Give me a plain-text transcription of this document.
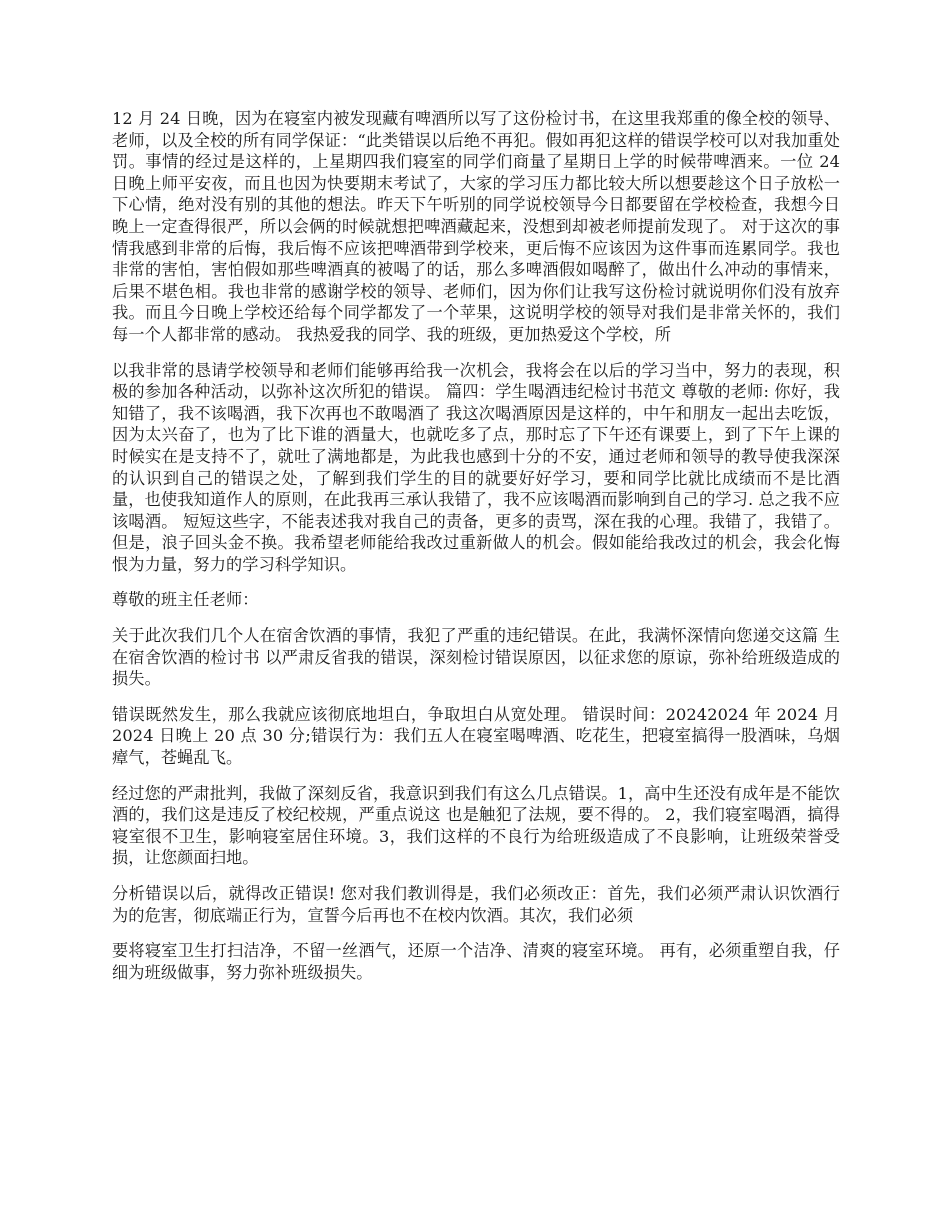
12 月 24 日晚，因为在寝室内被发现藏有啤酒所以写了这份检讨书，在这里我郑重的像全校的领导、老师，以及全校的所有同学保证：“此类错误以后绝不再犯。假如再犯这样的错误学校可以对我加重处罚。事情的经过是这样的，上星期四我们寝室的同学们商量了星期日上学的时候带啤酒来。一位 24 日晚上师平安夜，而且也因为快要期末考试了，大家的学习压力都比较大所以想要趁这个日子放松一下心情，绝对没有别的其他的想法。昨天下午听别的同学说校领导今日都要留在学校检查，我想今日晚上一定查得很严，所以会俩的时候就想把啤酒藏起来，没想到却被老师提前发现了。 对于这次的事情我感到非常的后悔，我后悔不应该把啤酒带到学校来，更后悔不应该因为这件事而连累同学。我也非常的害怕，害怕假如那些啤酒真的被喝了的话，那么多啤酒假如喝醉了，做出什么冲动的事情来，后果不堪色相。我也非常的感谢学校的领导、老师们，因为你们让我写这份检讨就说明你们没有放弃我。而且今日晚上学校还给每个同学都发了一个苹果，这说明学校的领导对我们是非常关怀的，我们每一个人都非常的感动。 我热爱我的同学、我的班级，更加热爱这个学校，所

以我非常的恳请学校领导和老师们能够再给我一次机会，我将会在以后的学习当中，努力的表现，积极的参加各种活动，以弥补这次所犯的错误。 篇四：学生喝酒违纪检讨书范文 尊敬的老师: 你好，我知错了，我不该喝酒，我下次再也不敢喝酒了 我这次喝酒原因是这样的，中午和朋友一起出去吃饭，因为太兴奋了，也为了比下谁的酒量大，也就吃多了点，那时忘了下午还有课要上，到了下午上课的时候实在是支持不了，就吐了满地都是，为此我也感到十分的不安，通过老师和领导的教导使我深深的认识到自己的错误之处，了解到我们学生的目的就要好好学习，要和同学比就比成绩而不是比酒量，也使我知道作人的原则，在此我再三承认我错了，我不应该喝酒而影响到自己的学习. 总之我不应该喝酒。 短短这些字，不能表述我对我自己的责备，更多的责骂，深在我的心理。我错了，我错了。但是，浪子回头金不换。我希望老师能给我改过重新做人的机会。假如能给我改过的机会，我会化悔恨为力量，努力的学习科学知识。

尊敬的班主任老师：

关于此次我们几个人在宿舍饮酒的事情，我犯了严重的违纪错误。在此，我满怀深情向您递交这篇 生在宿舍饮酒的检讨书 以严肃反省我的错误，深刻检讨错误原因，以征求您的原谅，弥补给班级造成的损失。

错误既然发生，那么我就应该彻底地坦白，争取坦白从宽处理。 错误时间：20242024 年 2024 月 2024 日晚上 20 点 30 分;错误行为：我们五人在寝室喝啤酒、吃花生，把寝室搞得一股酒味，乌烟瘴气，苍蝇乱飞。

经过您的严肃批判，我做了深刻反省，我意识到我们有这么几点错误。1，高中生还没有成年是不能饮酒的，我们这是违反了校纪校规，严重点说这 也是触犯了法规，要不得的。 2，我们寝室喝酒，搞得寝室很不卫生，影响寝室居住环境。3，我们这样的不良行为给班级造成了不良影响，让班级荣誉受损，让您颜面扫地。

分析错误以后，就得改正错误! 您对我们教训得是，我们必须改正：首先，我们必须严肃认识饮酒行为的危害，彻底端正行为，宣誓今后再也不在校内饮酒。其次，我们必须

要将寝室卫生打扫洁净，不留一丝酒气，还原一个洁净、清爽的寝室环境。 再有，必须重塑自我，仔细为班级做事，努力弥补班级损失。
